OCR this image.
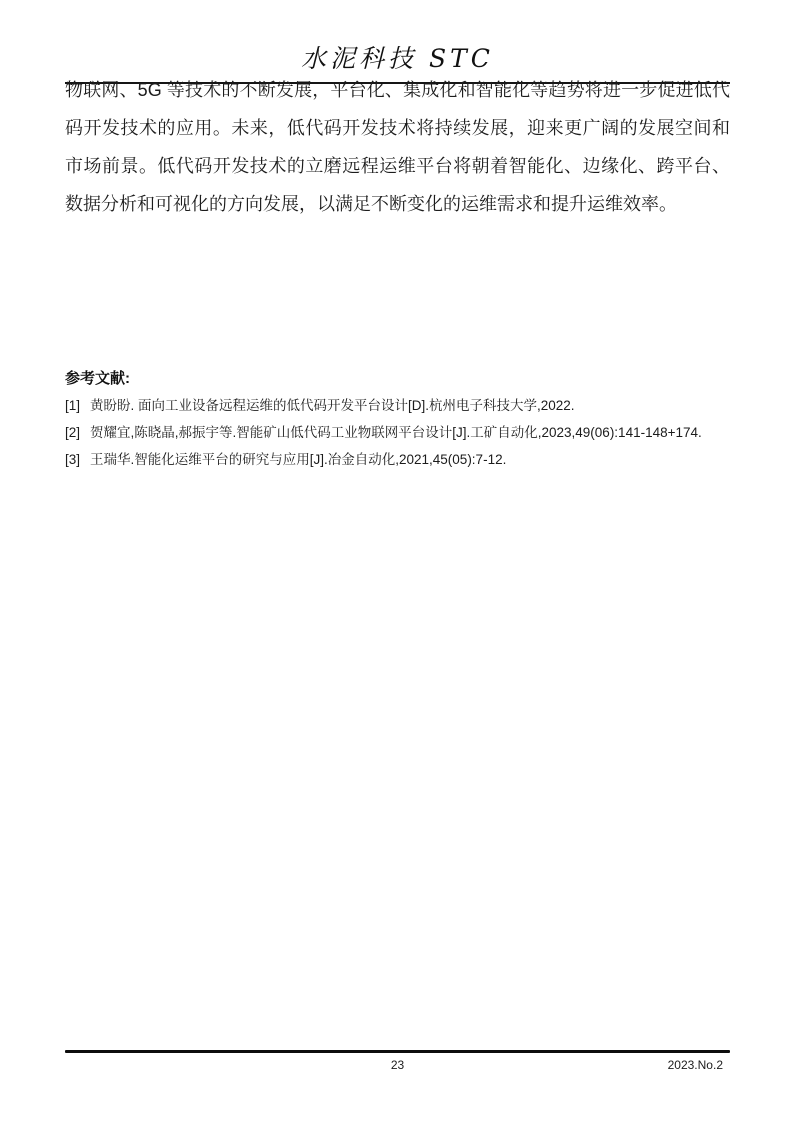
水泥科技 STC

物联网、5G 等技术的不断发展，平台化、集成化和智能化等趋势将进一步促进低代码开发技术的应用。未来，低代码开发技术将持续发展，迎来更广阔的发展空间和市场前景。低代码开发技术的立磨远程运维平台将朝着智能化、边缘化、跨平台、数据分析和可视化的方向发展，以满足不断变化的运维需求和提升运维效率。

参考文献:
[1] 黄盼盼. 面向工业设备远程运维的低代码开发平台设计[D].杭州电子科技大学,2022.
[2] 贺耀宜,陈晓晶,郝振宇等.智能矿山低代码工业物联网平台设计[J].工矿自动化,2023,49(06):141-148+174.
[3] 王瑞华.智能化运维平台的研究与应用[J].冶金自动化,2021,45(05):7-12.
23	2023.No.2
